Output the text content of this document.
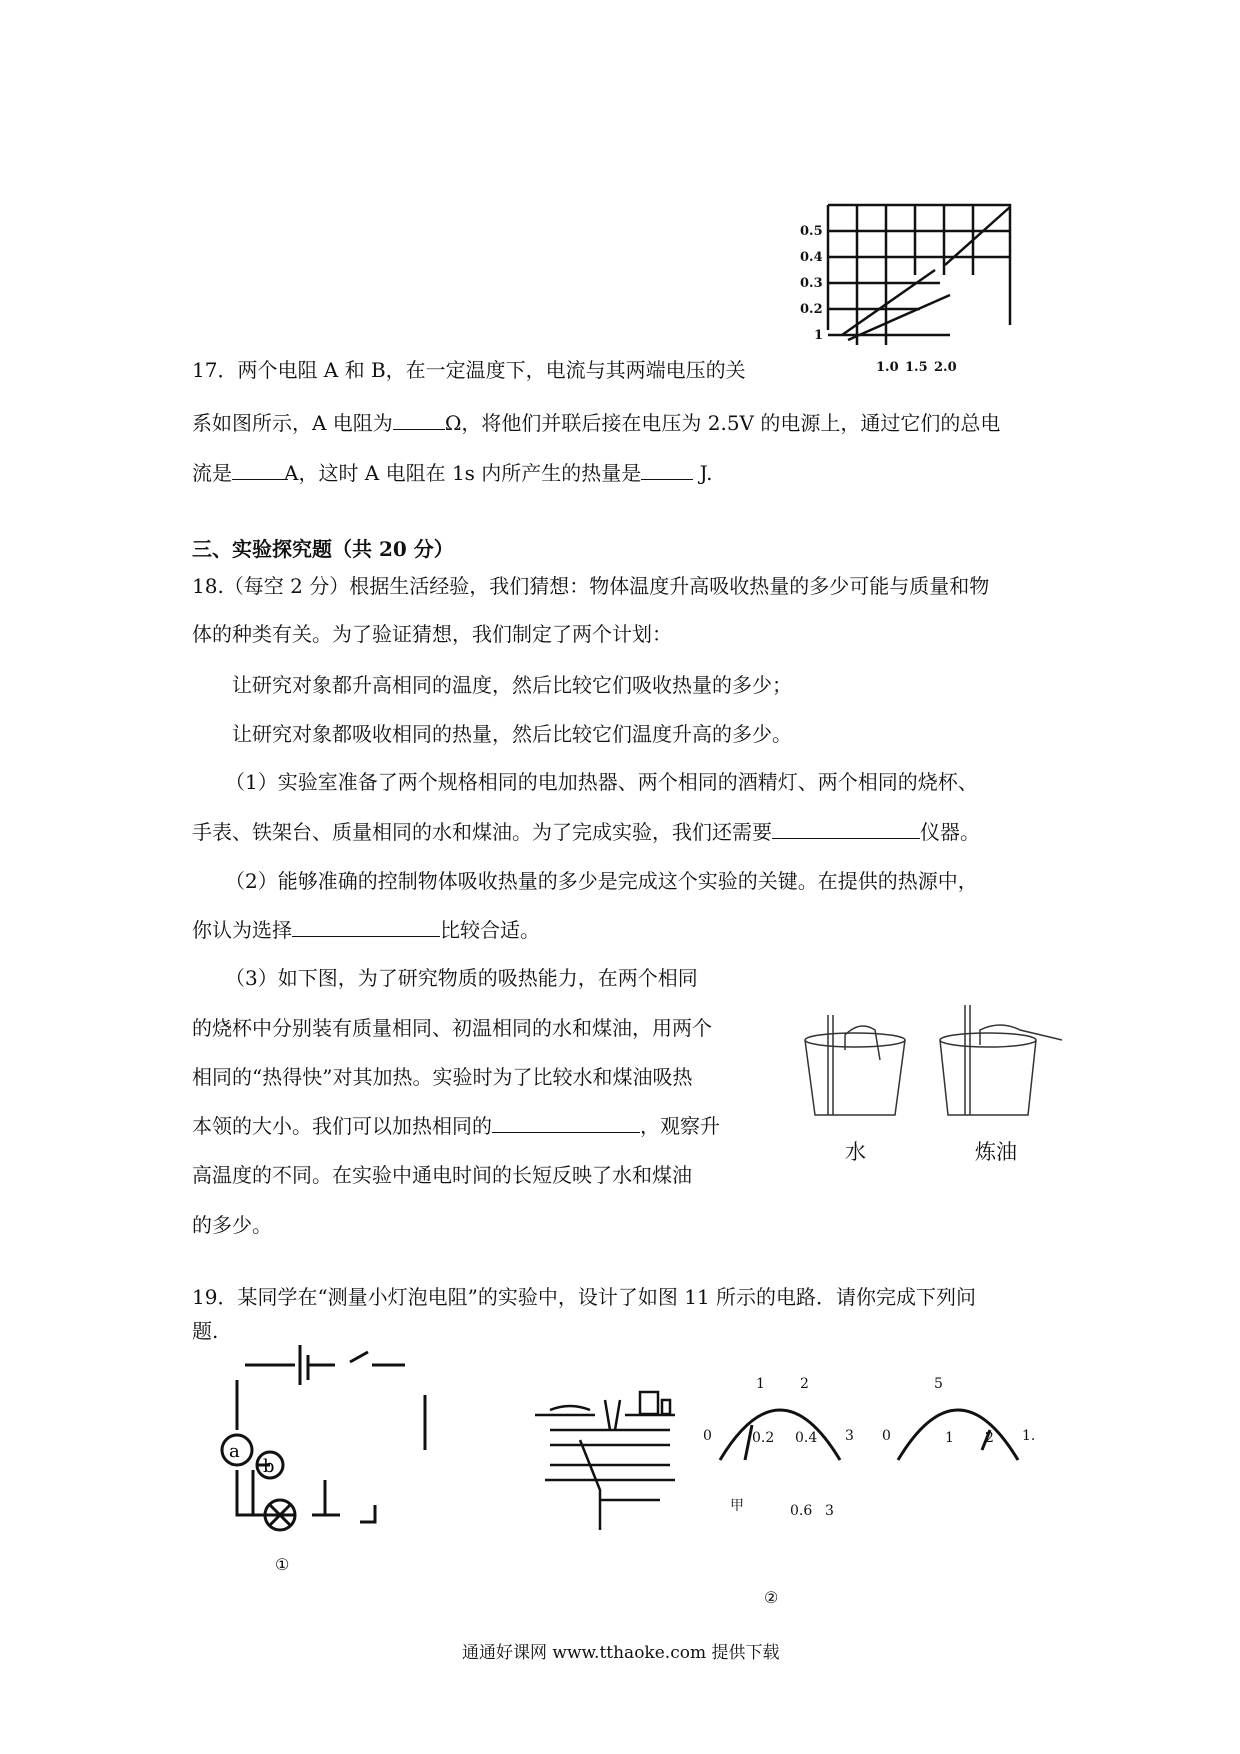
0.5
0.4
0.3
0.2
1
1.0 1.5 2.0
17．两个电阻 A 和 B，在一定温度下，电流与其两端电压的关
系如图所示，A 电阻为	Ω，将他们并联后接在电压为 2.5V 的电源上，通过它们的总电
流是	A，这时 A 电阻在 1s 内所产生的热量是	J.
三、实验探究题（共 20 分）
18.（每空 2 分）根据生活经验，我们猜想：物体温度升高吸收热量的多少可能与质量和物
体的种类有关。为了验证猜想，我们制定了两个计划：
让研究对象都升高相同的温度，然后比较它们吸收热量的多少；
让研究对象都吸收相同的热量，然后比较它们温度升高的多少。
（1）实验室准备了两个规格相同的电加热器、两个相同的酒精灯、两个相同的烧杯、
手表、铁架台、质量相同的水和煤油。为了完成实验，我们还需要	仪器。
（2）能够准确的控制物体吸收热量的多少是完成这个实验的关键。在提供的热源中，
你认为选择	比较合适。
（3）如下图，为了研究物质的吸热能力，在两个相同
的烧杯中分别装有质量相同、初温相同的水和煤油，用两个
相同的“热得快”对其加热。实验时为了比较水和煤油吸热
本领的大小。我们可以加热相同的	，观察升
高温度的不同。在实验中通电时间的长短反映了水和煤油
的多少。
水	炼油
19．某同学在“测量小灯泡电阻”的实验中，设计了如图 11 所示的电路．请你完成下列问
题.
a
b
①
0	0.2 0.4 3
1	2
0	1 2 1.
5
甲	0.6 3
②
通通好课网 www.tthaoke.com 提供下载
